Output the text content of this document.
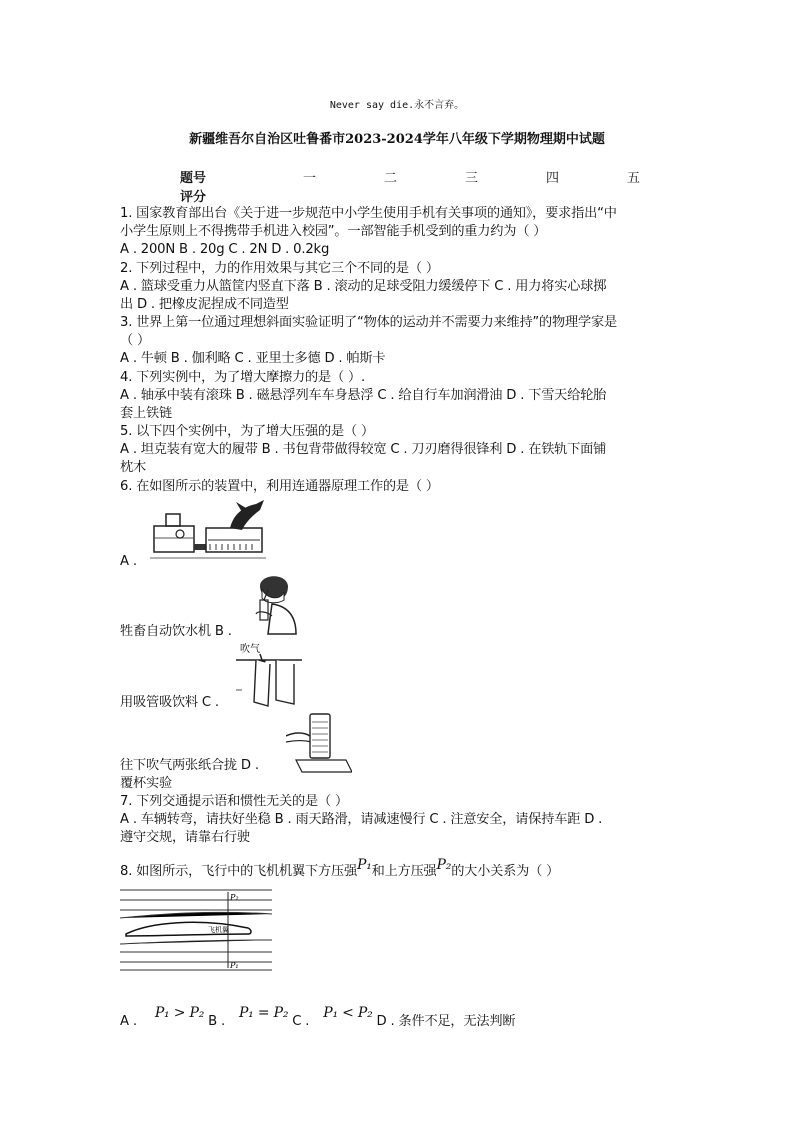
Never say die.永不言弃。
新疆维吾尔自治区吐鲁番市2023-2024学年八年级下学期物理期中试题
题号	一	二	三	四	五
评分
1. 国家教育部出台《关于进一步规范中小学生使用手机有关事项的通知》，要求指出“中
小学生原则上不得携带手机进入校园”。一部智能手机受到的重力约为（ ）
A . 200N B . 20g C . 2N D . 0.2kg
2. 下列过程中，力的作用效果与其它三个不同的是（ ）
A . 篮球受重力从篮筐内竖直下落 B . 滚动的足球受阻力缓缓停下 C . 用力将实心球掷
出 D . 把橡皮泥捏成不同造型
3. 世界上第一位通过理想斜面实验证明了“物体的运动并不需要力来维持”的物理学家是
（ ）
A . 牛顿 B . 伽利略 C . 亚里士多德 D . 帕斯卡
4. 下列实例中，为了增大摩擦力的是（ ）.
A . 轴承中装有滚珠 B . 磁悬浮列车车身悬浮 C . 给自行车加润滑油 D . 下雪天给轮胎
套上铁链
5. 以下四个实例中，为了增大压强的是（ ）
A . 坦克装有宽大的履带 B . 书包背带做得较宽 C . 刀刃磨得很锋利 D . 在铁轨下面铺
枕木
6. 在如图所示的装置中，利用连通器原理工作的是（ ）
A .
牲畜自动饮水机 B .
吹气
用吸管吸饮料 C .
往下吹气两张纸合拢 D .
覆杯实验
7. 下列交通提示语和惯性无关的是（ ）
A . 车辆转弯，请扶好坐稳 B . 雨天路滑，请减速慢行 C . 注意安全，请保持车距 D .
遵守交规，请靠右行驶
8. 如图所示，飞行中的飞机机翼下方压强P₁和上方压强P₂的大小关系为（ ）
P₂
P₁
飞机翼
A . P₁ > P₂ B . P₁ = P₂ C . P₁ < P₂ D . 条件不足，无法判断
